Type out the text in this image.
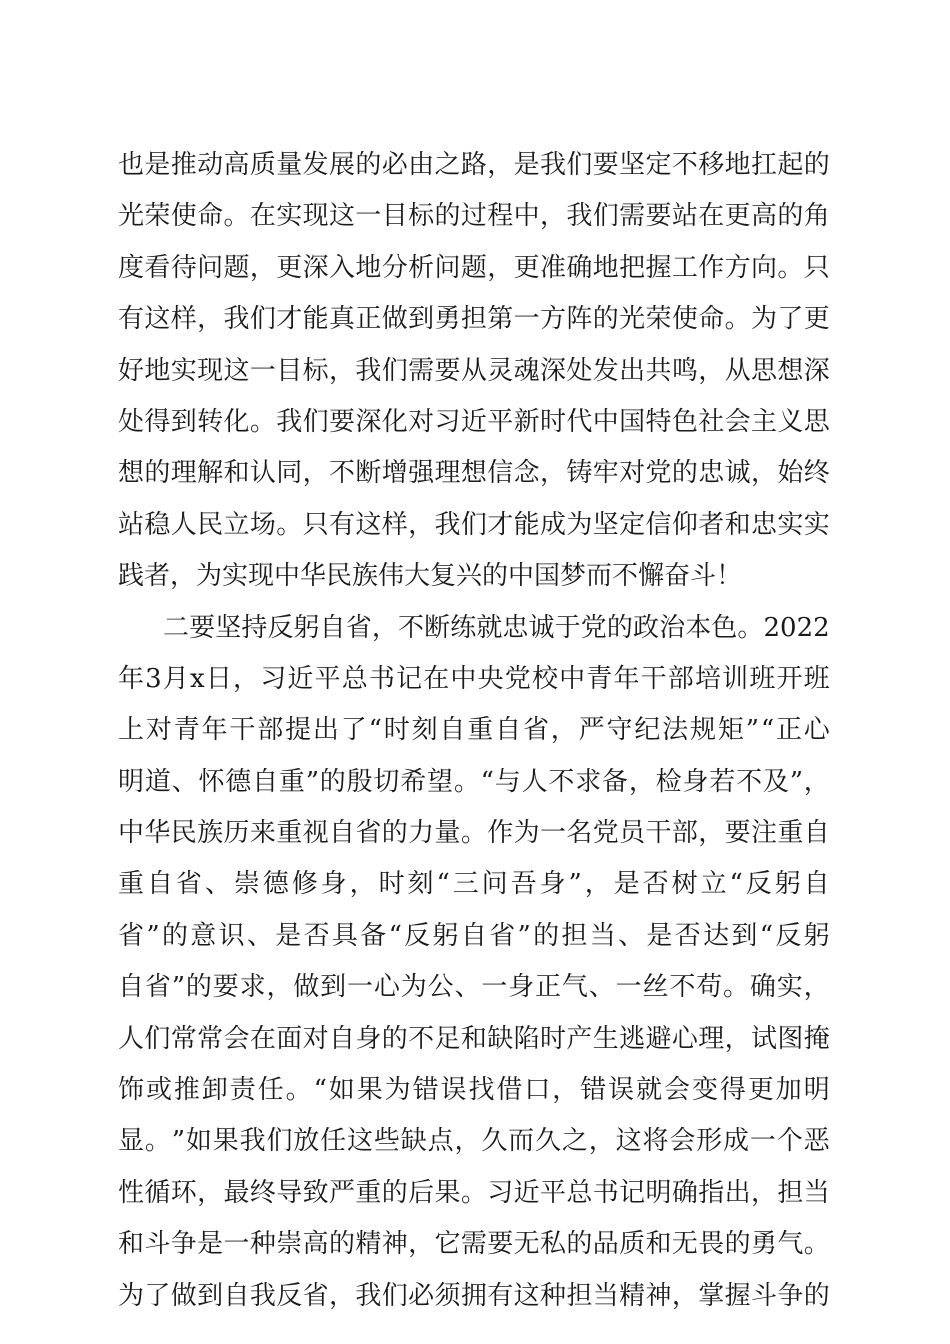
也 是 推 动 高 质 量 发 展 的 必 由 之 路 ， 是 我 们 要 坚 定 不 移 地 扛 起 的
光 荣 使 命 。 在 实 现 这 一 目 标 的 过 程 中 ， 我 们 需 要 站 在 更 高 的 角
度 看 待 问 题 ， 更 深 入 地 分 析 问 题 ， 更 准 确 地 把 握 工 作 方 向 。 只
有 这 样 ， 我 们 才 能 真 正 做 到 勇 担 第 一 方 阵 的 光 荣 使 命 。 为 了 更
好 地 实 现 这 一 目 标 ， 我 们 需 要 从 灵 魂 深 处 发 出 共 鸣 ， 从 思 想 深
处 得 到 转 化 。 我 们 要 深 化 对 习 近 平 新 时 代 中 国 特 色 社 会 主 义 思
想 的 理 解 和 认 同 ， 不 断 增 强 理 想 信 念 ， 铸 牢 对 党 的 忠 诚 ， 始 终
站 稳 人 民 立 场 。 只 有 这 样 ， 我 们 才 能 成 为 坚 定 信 仰 者 和 忠 实 实
践者，为实现中华民族伟大复兴的中国梦而不懈奋斗！
二 要 坚 持 反 躬 自 省 ， 不 断 练 就 忠 诚 于 党 的 政 治 本 色 。 2022
年 3 月 x 日 ， 习 近 平 总 书 记 在 中 央 党 校 中 青 年 干 部 培 训 班 开 班
上 对 青 年 干 部 提 出 了 “ 时 刻 自 重 自 省 ， 严 守 纪 法 规 矩 ” “ 正 心
明 道 、 怀 德 自 重 ” 的 殷 切 希 望 。 “ 与 人 不 求 备 ， 检 身 若 不 及 ” ，
中 华 民 族 历 来 重 视 自 省 的 力 量 。 作 为 一 名 党 员 干 部 ， 要 注 重 自
重 自 省 、 崇 德 修 身 ， 时 刻 “ 三 问 吾 身 ” ， 是 否 树 立 “ 反 躬 自
省 ” 的 意 识 、 是 否 具 备 “ 反 躬 自 省 ” 的 担 当 、 是 否 达 到 “ 反 躬
自 省 ” 的 要 求 ， 做 到 一 心 为 公 、 一 身 正 气 、 一 丝 不 苟 。 确 实 ，
人 们 常 常 会 在 面 对 自 身 的 不 足 和 缺 陷 时 产 生 逃 避 心 理 ， 试 图 掩
饰 或 推 卸 责 任 。 “ 如 果 为 错 误 找 借 口 ， 错 误 就 会 变 得 更 加 明
显 。 ” 如 果 我 们 放 任 这 些 缺 点 ， 久 而 久 之 ， 这 将 会 形 成 一 个 恶
性 循 环 ， 最 终 导 致 严 重 的 后 果 。 习 近 平 总 书 记 明 确 指 出 ， 担 当
和 斗 争 是 一 种 崇 高 的 精 神 ， 它 需 要 无 私 的 品 质 和 无 畏 的 勇 气 。
为 了 做 到 自 我 反 省 ， 我 们 必 须 拥 有 这 种 担 当 精 神 ， 掌 握 斗 争 的
